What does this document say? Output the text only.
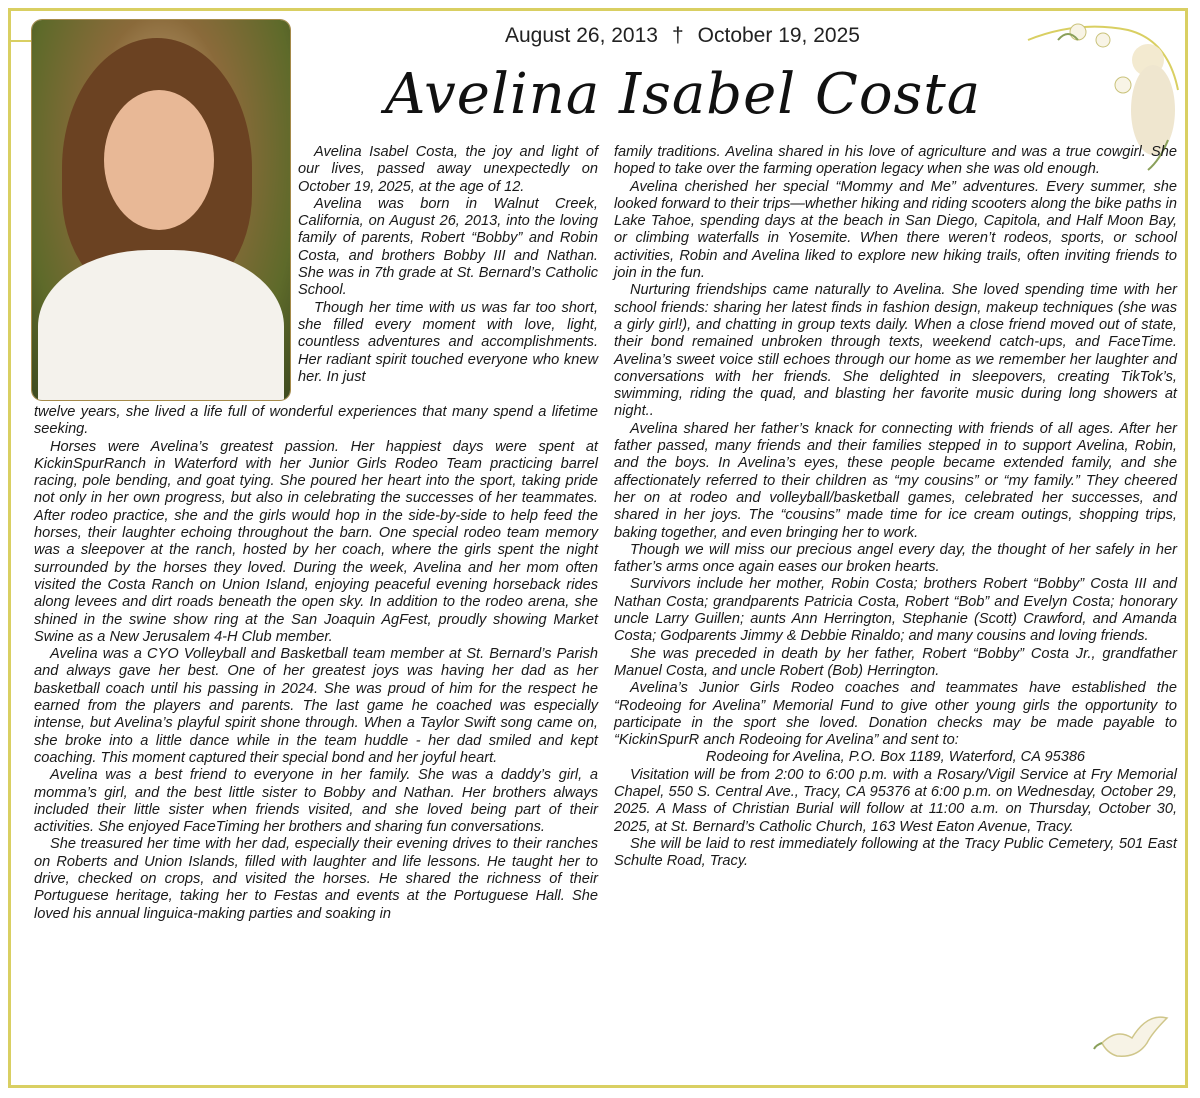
August 26, 2013 † October 19, 2025
Avelina Isabel Costa

Avelina Isabel Costa, the joy and light of our lives, passed away unexpectedly on October 19, 2025, at the age of 12.

Avelina was born in Walnut Creek, California, on August 26, 2013, into the loving family of parents, Robert “Bobby” and Robin Costa, and brothers Bobby III and Nathan. She was in 7th grade at St. Bernard’s Catholic School.

Though her time with us was far too short, she filled every moment with love, light, countless adventures and accomplishments. Her radiant spirit touched everyone who knew her. In just

twelve years, she lived a life full of wonderful experiences that many spend a lifetime seeking.

Horses were Avelina’s greatest passion. Her happiest days were spent at KickinSpurRanch in Waterford with her Junior Girls Rodeo Team practicing barrel racing, pole bending, and goat tying. She poured her heart into the sport, taking pride not only in her own progress, but also in celebrating the successes of her teammates. After rodeo practice, she and the girls would hop in the side-by-side to help feed the horses, their laughter echoing throughout the barn. One special rodeo team memory was a sleepover at the ranch, hosted by her coach, where the girls spent the night surrounded by the horses they loved. During the week, Avelina and her mom often visited the Costa Ranch on Union Island, enjoying peaceful evening horseback rides along levees and dirt roads beneath the open sky. In addition to the rodeo arena, she shined in the swine show ring at the San Joaquin AgFest, proudly showing Market Swine as a New Jerusalem 4-H Club member.

Avelina was a CYO Volleyball and Basketball team member at St. Bernard’s Parish and always gave her best. One of her greatest joys was having her dad as her basketball coach until his passing in 2024. She was proud of him for the respect he earned from the players and parents. The last game he coached was especially intense, but Avelina’s playful spirit shone through. When a Taylor Swift song came on, she broke into a little dance while in the team huddle - her dad smiled and kept coaching. This moment captured their special bond and her joyful heart.

Avelina was a best friend to everyone in her family. She was a daddy’s girl, a momma’s girl, and the best little sister to Bobby and Nathan. Her brothers always included their little sister when friends visited, and she loved being part of their activities. She enjoyed FaceTiming her brothers and sharing fun conversations.

She treasured her time with her dad, especially their evening drives to their ranches on Roberts and Union Islands, filled with laughter and life lessons. He taught her to drive, checked on crops, and visited the horses. He shared the richness of their Portuguese heritage, taking her to Festas and events at the Portuguese Hall. She loved his annual linguica-making parties and soaking in

family traditions. Avelina shared in his love of agriculture and was a true cowgirl. She hoped to take over the farming operation legacy when she was old enough.

Avelina cherished her special “Mommy and Me” adventures. Every summer, she looked forward to their trips—whether hiking and riding scooters along the bike paths in Lake Tahoe, spending days at the beach in San Diego, Capitola, and Half Moon Bay, or climbing waterfalls in Yosemite. When there weren’t rodeos, sports, or school activities, Robin and Avelina liked to explore new hiking trails, often inviting friends to join in the fun.

Nurturing friendships came naturally to Avelina. She loved spending time with her school friends: sharing her latest finds in fashion design, makeup techniques (she was a girly girl!), and chatting in group texts daily. When a close friend moved out of state, their bond remained unbroken through texts, weekend catch-ups, and FaceTime. Avelina’s sweet voice still echoes through our home as we remember her laughter and conversations with her friends. She delighted in sleepovers, creating TikTok’s, swimming, riding the quad, and blasting her favorite music during long showers at night..

Avelina shared her father’s knack for connecting with friends of all ages. After her father passed, many friends and their families stepped in to support Avelina, Robin, and the boys. In Avelina’s eyes, these people became extended family, and she affectionately referred to their children as “my cousins” or “my family.” They cheered her on at rodeo and volleyball/basketball games, celebrated her successes, and shared in her joys. The “cousins” made time for ice cream outings, shopping trips, baking together, and even bringing her to work.

Though we will miss our precious angel every day, the thought of her safely in her father’s arms once again eases our broken hearts.

Survivors include her mother, Robin Costa; brothers Robert “Bobby” Costa III and Nathan Costa; grandparents Patricia Costa, Robert “Bob” and Evelyn Costa; honorary uncle Larry Guillen; aunts Ann Herrington, Stephanie (Scott) Crawford, and Amanda Costa; Godparents Jimmy & Debbie Rinaldo; and many cousins and loving friends.

She was preceded in death by her father, Robert “Bobby” Costa Jr., grandfather Manuel Costa, and uncle Robert (Bob) Herrington.

Avelina’s Junior Girls Rodeo coaches and teammates have established the “Rodeoing for Avelina” Memorial Fund to give other young girls the opportunity to participate in the sport she loved. Donation checks may be made payable to “KickinSpurR anch Rodeoing for Avelina” and sent to:

Rodeoing for Avelina, P.O. Box 1189, Waterford, CA 95386

Visitation will be from 2:00 to 6:00 p.m. with a Rosary/Vigil Service at Fry Memorial Chapel, 550 S. Central Ave., Tracy, CA 95376 at 6:00 p.m. on Wednesday, October 29, 2025. A Mass of Christian Burial will follow at 11:00 a.m. on Thursday, October 30, 2025, at St. Bernard’s Catholic Church, 163 West Eaton Avenue, Tracy.

She will be laid to rest immediately following at the Tracy Public Cemetery, 501 East Schulte Road, Tracy.
